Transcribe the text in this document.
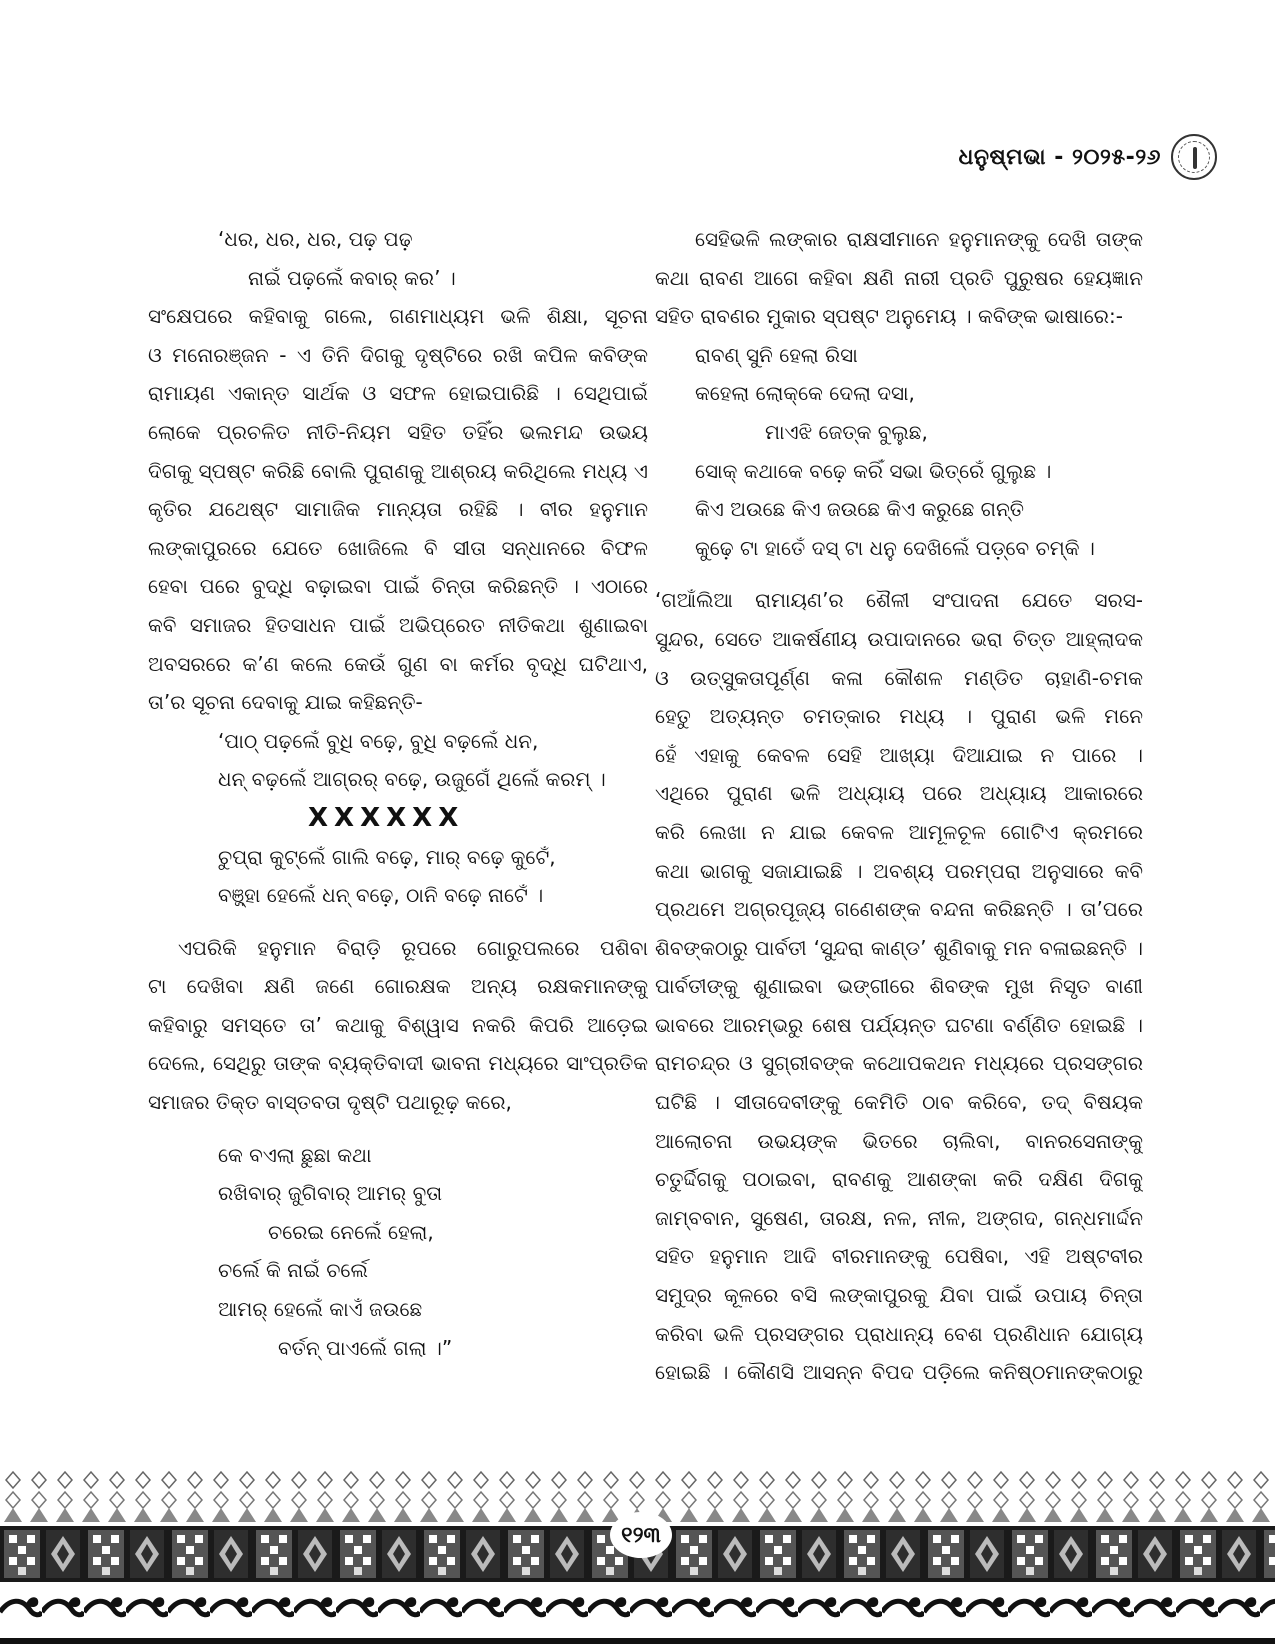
ଧନୁଷ୍ମଭା - ୨୦୨୫-୨୬
‘ଧର, ଧର, ଧର, ପଢ଼ ପଢ଼
ନାଇଁ ପଢ଼ଲେଁ କବାର୍ କର’ ।
ସଂକ୍ଷେପରେ କହିବାକୁ ଗଲେ, ଗଣମାଧ୍ୟମ ଭଳି ଶିକ୍ଷା, ସୂଚନା
ଓ ମନୋରଞ୍ଜନ - ଏ ତିନି ଦିଗକୁ ଦୃଷ୍ଟିରେ ରଖି କପିଳ କବିଙ୍କ
ରାମାୟଣ ଏକାନ୍ତ ସାର୍ଥକ ଓ ସଫଳ ହୋଇପାରିଛି । ସେଥିପାଇଁ
ଲୋକେ ପ୍ରଚଳିତ ନୀତି-ନିୟମ ସହିତ ତହିଁର ଭଲମନ୍ଦ ଉଭୟ
ଦିଗକୁ ସ୍ପଷ୍ଟ କରିଛି ବୋଲି ପୁରାଣକୁ ଆଶ୍ରୟ କରିଥିଲେ ମଧ୍ୟ ଏ
କୃତିର ଯଥେଷ୍ଟ ସାମାଜିକ ମାନ୍ୟତା ରହିଛି । ବୀର ହନୁମାନ
ଲଙ୍କାପୁରରେ ଯେତେ ଖୋଜିଲେ ବି ସୀତା ସନ୍ଧାନରେ ବିଫଳ
ହେବା ପରେ ବୁଦ୍ଧି ବଢ଼ାଇବା ପାଇଁ ଚିନ୍ତା କରିଛନ୍ତି । ଏଠାରେ
କବି ସମାଜର ହିତସାଧନ ପାଇଁ ଅଭିପ୍ରେତ ନୀତିକଥା ଶୁଣାଇବା
ଅବସରରେ କ’ଣ କଲେ କେଉଁ ଗୁଣ ବା କର୍ମର ବୃଦ୍ଧି ଘଟିଥାଏ,
ତା’ର ସୂଚନା ଦେବାକୁ ଯାଇ କହିଛନ୍ତି-
‘ପାଠ୍ ପଢ଼ଲେଁ ବୁଧି ବଢ଼େ, ବୁଧି ବଢ଼ଲେଁ ଧନ,
ଧନ୍ ବଢ଼ଲେଁ ଆଗ୍ରର୍ ବଢ଼େ, ଉଜୁଗେଁ ଥିଲେଁ କରମ୍ ।
XXXXXX
ଚୁପ୍ରା କୁଟ୍ଲେଁ ଗାଲି ବଢ଼େ, ମାର୍ ବଢ଼େ କୁଟେଁ,
ବଞ୍ଜ୍ହା ହେଲେଁ ଧନ୍ ବଢ଼େ, ଠାନି ବଢ଼େ ନାଟେଁ ।
ଏପରିକି ହନୁମାନ ବିରାଡ଼ି ରୂପରେ ଗୋରୁପଲରେ ପଶିବା
ଟା ଦେଖିବା କ୍ଷଣି ଜଣେ ଗୋରକ୍ଷକ ଅନ୍ୟ ରକ୍ଷକମାନଙ୍କୁ
କହିବାରୁ ସମସ୍ତେ ତା’ କଥାକୁ ବିଶ୍ୱାସ ନକରି କିପରି ଆଡ଼େଇ
ଦେଲେ, ସେଥିରୁ ତାଙ୍କ ବ୍ୟକ୍ତିବାଦୀ ଭାବନା ମଧ୍ୟରେ ସାଂପ୍ରତିକ
ସମାଜର ତିକ୍ତ ବାସ୍ତବତା ଦୃଷ୍ଟି ପଥାରୂଢ଼ କରେ,
କେ ବଏଲା ଛୁଛା କଥା
ରଖିବାର୍ ଜୁଗିବାର୍ ଆମର୍ ବୁତା
ଚରେଇ ନେଲେଁ ହେଲା,
ଚର୍ଲେ କି ନାଇଁ ଚର୍ଲେ
ଆମର୍ ହେଲେଁ କାଏଁ ଜଉଛେ
ବର୍ତନ୍ ପାଏଲେଁ ଗଲା ।”
ସେହିଭଳି ଲଙ୍କାର ରାକ୍ଷସୀମାନେ ହନୁମାନଙ୍କୁ ଦେଖି ତାଙ୍କ
କଥା ରାବଣ ଆଗେ କହିବା କ୍ଷଣି ନାରୀ ପ୍ରତି ପୁରୁଷର ହେୟଜ୍ଞାନ
ସହିତ ରାବଣର ମୁକାର ସ୍ପଷ୍ଟ ଅନୁମେୟ । କବିଙ୍କ ଭାଷାରେ:-
ରାବଣ୍ ସୁନି ହେଲା ରିସା
କହେଲା ଲୋକ୍କେ ଦେଲା ଦସା,
ମାଏଝି ଜେତ୍କ ବୁଲୁଛ,
ସୋକ୍ କଥାକେ ବଢ଼େ କରିଁ ସଭା ଭିତ୍ରେଁ ଗୁଲୁଛ ।
କିଏ ଅଉଛେ କିଏ ଜଉଛେ କିଏ କରୁଛେ ଗନ୍ତି
କୁଢ଼େ ଟା ହାତେଁ ଦସ୍ ଟା ଧନୁ ଦେଖିଲେଁ ପଡ଼୍ବେ ଚମ୍କି ।
‘ଗଆଁଲିଆ ରାମାୟଣ’ର ଶୈଳୀ ସଂପାଦନା ଯେତେ ସରସ-
ସୁନ୍ଦର, ସେତେ ଆକର୍ଷଣୀୟ ଉପାଦାନରେ ଭରା ଚିତ୍ତ ଆହ୍ଲାଦକ
ଓ ଉତ୍ସୁକତାପୂର୍ଣ୍ଣ କଳା କୌଶଳ ମଣ୍ଡିତ ଚାହାଣି-ଚମକ
ହେତୁ ଅତ୍ୟନ୍ତ ଚମତ୍କାର ମଧ୍ୟ । ପୁରାଣ ଭଳି ମନେ
ହେଁ ଏହାକୁ କେବଳ ସେହି ଆଖ୍ୟା ଦିଆଯାଇ ନ ପାରେ ।
ଏଥିରେ ପୁରାଣ ଭଳି ଅଧ୍ୟାୟ ପରେ ଅଧ୍ୟାୟ ଆକାରରେ
କରି ଲେଖା ନ ଯାଇ କେବଳ ଆମୂଳଚୂଳ ଗୋଟିଏ କ୍ରମରେ
କଥା ଭାଗକୁ ସଜାଯାଇଛି । ଅବଶ୍ୟ ପରମ୍ପରା ଅନୁସାରେ କବି
ପ୍ରଥମେ ଅଗ୍ରପୂଜ୍ୟ ଗଣେଶଙ୍କ ବନ୍ଦନା କରିଛନ୍ତି । ତା’ପରେ
ଶିବଙ୍କଠାରୁ ପାର୍ବତୀ ‘ସୁନ୍ଦରା କାଣ୍ଡ’ ଶୁଣିବାକୁ ମନ ବଳାଇଛନ୍ତି ।
ପାର୍ବତୀଙ୍କୁ ଶୁଣାଇବା ଭଙ୍ଗୀରେ ଶିବଙ୍କ ମୁଖ ନିସୃତ ବାଣୀ
ଭାବରେ ଆରମ୍ଭରୁ ଶେଷ ପର୍ଯ୍ୟନ୍ତ ଘଟଣା ବର୍ଣ୍ଣିତ ହୋଇଛି ।
ରାମଚନ୍ଦ୍ର ଓ ସୁଗ୍ରୀବଙ୍କ କଥୋପକଥନ ମଧ୍ୟରେ ପ୍ରସଙ୍ଗର
ଘଟିଛି । ସୀତାଦେବୀଙ୍କୁ କେମିତି ଠାବ କରିବେ, ତଦ୍ ବିଷୟକ
ଆଲୋଚନା ଉଭୟଙ୍କ ଭିତରେ ଚାଲିବା, ବାନରସେନାଙ୍କୁ
ଚତୁର୍ଦ୍ଦିଗକୁ ପଠାଇବା, ରାବଣକୁ ଆଶଙ୍କା କରି ଦକ୍ଷିଣ ଦିଗକୁ
ଜାମ୍ବବାନ, ସୁଷେଣ, ତାରକ୍ଷ, ନଳ, ନୀଳ, ଅଙ୍ଗଦ, ଗନ୍ଧମାର୍ଦ୍ଦନ
ସହିତ ହନୁମାନ ଆଦି ବୀରମାନଙ୍କୁ ପେଷିବା, ଏହି ଅଷ୍ଟବୀର
ସମୁଦ୍ର କୂଳରେ ବସି ଲଙ୍କାପୁରକୁ ଯିବା ପାଇଁ ଉପାୟ ଚିନ୍ତା
କରିବା ଭଳି ପ୍ରସଙ୍ଗର ପ୍ରାଧାନ୍ୟ ବେଶ ପ୍ରଣିଧାନ ଯୋଗ୍ୟ
ହୋଇଛି । କୌଣସି ଆସନ୍ନ ବିପଦ ପଡ଼ିଲେ କନିଷ୍ଠମାନଙ୍କଠାରୁ
୧୨୩
